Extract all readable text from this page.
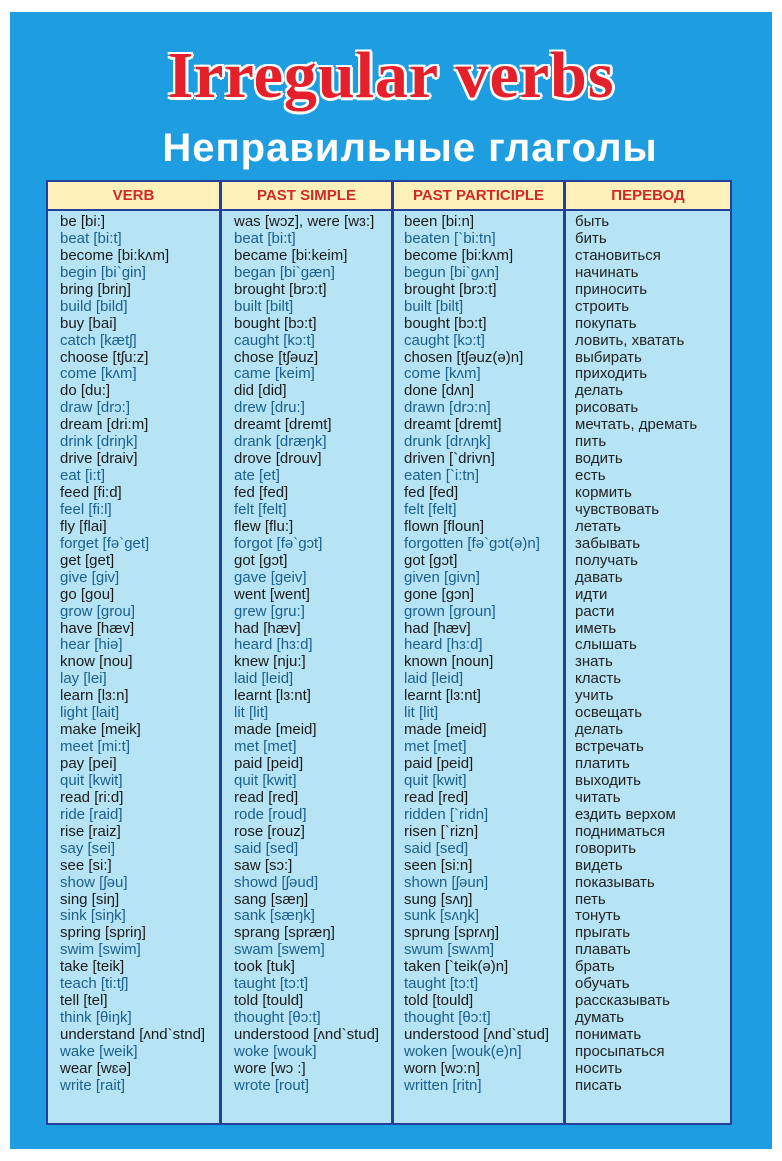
Irregular verbs
Неправильные глаголы
VERB
be [bi:]
beat [bi:t]
become [bi:kʌm]
begin [bi`gin]
bring [briŋ]
build [bild]
buy [bai]
catch [kætʃ]
choose [tʃu:z]
come [kʌm]
do [du:]
draw [drɔ:]
dream [dri:m]
drink [driŋk]
drive [draiv]
eat [i:t]
feed [fi:d]
feel [fi:l]
fly [flai]
forget [fə`get]
get [get]
give [giv]
go [gou]
grow [grou]
have [hæv]
hear [hiə]
know [nou]
lay [lei]
learn [lɜ:n]
light [lait]
make [meik]
meet [mi:t]
pay [pei]
quit [kwit]
read [ri:d]
ride [raid]
rise [raiz]
say [sei]
see [si:]
show [ʃəu]
sing [siŋ]
sink [siŋk]
spring [spriŋ]
swim [swim]
take [teik]
teach [ti:tʃ]
tell [tel]
think [θiŋk]
understand [ʌnd`stnd]
wake [weik]
wear [wɛə]
write [rait]
PAST SIMPLE
was [wɔz], were [wɜ:]
beat [bi:t]
became [bi:keim]
began [bi`gæn]
brought [brɔ:t]
built [bilt]
bought [bɔ:t]
caught [kɔ:t]
chose [tʃəuz]
came [keim]
did [did]
drew [dru:]
dreamt [dremt]
drank [dræŋk]
drove [drouv]
ate [et]
fed [fed]
felt [felt]
flew [flu:]
forgot [fə`gɔt]
got [gɔt]
gave [geiv]
went [went]
grew [gru:]
had [hæv]
heard [hɜ:d]
knew [nju:]
laid [leid]
learnt [lɜ:nt]
lit [lit]
made [meid]
met [met]
paid [peid]
quit [kwit]
read [red]
rode [roud]
rose [rouz]
said [sed]
saw [sɔ:]
showd [ʃəud]
sang [sæŋ]
sank [sæŋk]
sprang [spræŋ]
swam [swem]
took [tuk]
taught [tɔ:t]
told [tould]
thought [θɔ:t]
understood [ʌnd`stud]
woke [wouk]
wore [wɔ :]
wrote [rout]
PAST PARTICIPLE
been [bi:n]
beaten [`bi:tn]
become [bi:kʌm]
begun [bi`gʌn]
brought [brɔ:t]
built [bilt]
bought [bɔ:t]
caught [kɔ:t]
chosen [tʃəuz(ə)n]
come [kʌm]
done [dʌn]
drawn [drɔ:n]
dreamt [dremt]
drunk [drʌŋk]
driven [`drivn]
eaten [`i:tn]
fed [fed]
felt [felt]
flown [floun]
forgotten [fə`gɔt(ə)n]
got [gɔt]
given [givn]
gone [gɔn]
grown [groun]
had [hæv]
heard [hɜ:d]
known [noun]
laid [leid]
learnt [lɜ:nt]
lit [lit]
made [meid]
met [met]
paid [peid]
quit [kwit]
read [red]
ridden [`ridn]
risen [`rizn]
said [sed]
seen [si:n]
shown [ʃəun]
sung [sʌŋ]
sunk [sʌŋk]
sprung [sprʌŋ]
swum [swʌm]
taken [`teik(ə)n]
taught [tɔ:t]
told [tould]
thought [θɔ:t]
understood [ʌnd`stud]
woken [wouk(e)n]
worn [wɔ:n]
written [ritn]
ПЕРЕВОД
быть
бить
становиться
начинать
приносить
строить
покупать
ловить, хватать
выбирать
приходить
делать
рисовать
мечтать, дремать
пить
водить
есть
кормить
чувствовать
летать
забывать
получать
давать
идти
расти
иметь
слышать
знать
класть
учить
освещать
делать
встречать
платить
выходить
читать
ездить верхом
подниматься
говорить
видеть
показывать
петь
тонуть
прыгать
плавать
брать
обучать
рассказывать
думать
понимать
просыпаться
носить
писать
